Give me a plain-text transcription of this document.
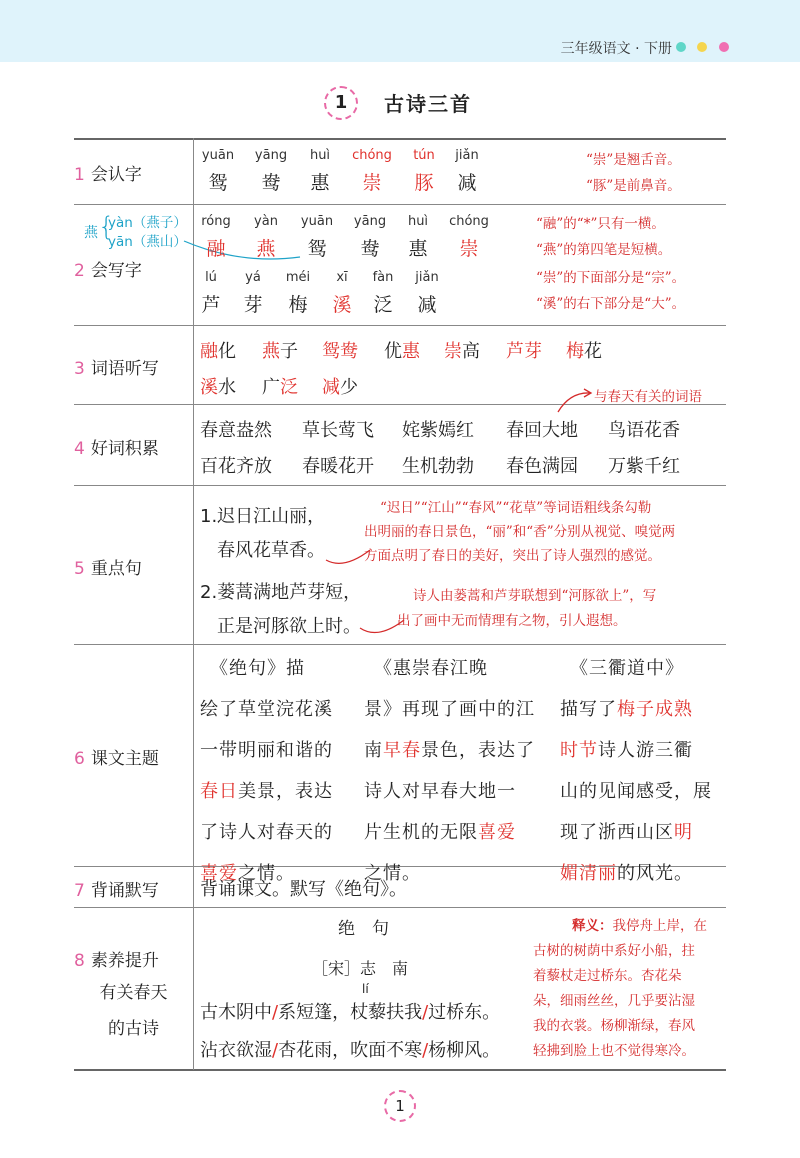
三年级语文 · 下册
1	古诗三首
1 会认字
yuān	yāng	huì	chóng	tún	jiǎn
鸳	鸯	惠	崇	豚	减
“崇”是翘舌音。
“豚”是前鼻音。
2 会写字
燕 {
yàn（燕子）
yān（燕山）
róng	yàn	yuān	yāng	huì	chóng
融	燕	鸳	鸯	惠	崇
lú	yá	méi	xī	fàn	jiǎn
芦	芽	梅	溪	泛	减
“融”的“*”只有一横。
“燕”的第四笔是短横。
“崇”的下面部分是“宗”。
“溪”的右下部分是“大”。
3 词语听写
融化 燕子 鸳鸯 优惠 崇高 芦芽 梅花
溪水 广泛 减少	与春天有关的词语
4 好词积累
春意盎然 草长莺飞 姹紫嫣红 春回大地 鸟语花香
百花齐放 春暖花开 生机勃勃 春色满园 万紫千红
5 重点句
1.迟日江山丽，
春风花草香。
2.蒌蒿满地芦芽短，
正是河豚欲上时。
“迟日”“江山”“春风”“花草”等词语粗线条勾勒
出明丽的春日景色，“丽”和“香”分别从视觉、嗅觉两
方面点明了春日的美好，突出了诗人强烈的感觉。
诗人由蒌蒿和芦芽联想到“河豚欲上”，写
出了画中无而情理有之物，引人遐想。
6 课文主题
　《绝句》描
绘了草堂浣花溪
一带明丽和谐的
春日美景，表达
了诗人对春天的
喜爱之情。
　《惠崇春江晚
景》再现了画中的江
南早春景色，表达了
诗人对早春大地一
片生机的无限喜爱
之情。
　《三衢道中》
描写了梅子成熟
时节诗人游三衢
山的见闻感受，展
现了浙西山区明
媚清丽的风光。
7 背诵默写	背诵课文。默写《绝句》。
8 素养提升
有关春天
的古诗
绝　句
［宋］志　南
lí
古木阴中/系短篷，杖藜扶我/过桥东。
沾衣欲湿/杏花雨，吹面不寒/杨柳风。
释义：我停舟上岸，在
古树的树荫中系好小船，拄
着藜杖走过桥东。杏花朵
朵，细雨丝丝，几乎要沾湿
我的衣裳。杨柳渐绿，春风
轻拂到脸上也不觉得寒冷。
1
